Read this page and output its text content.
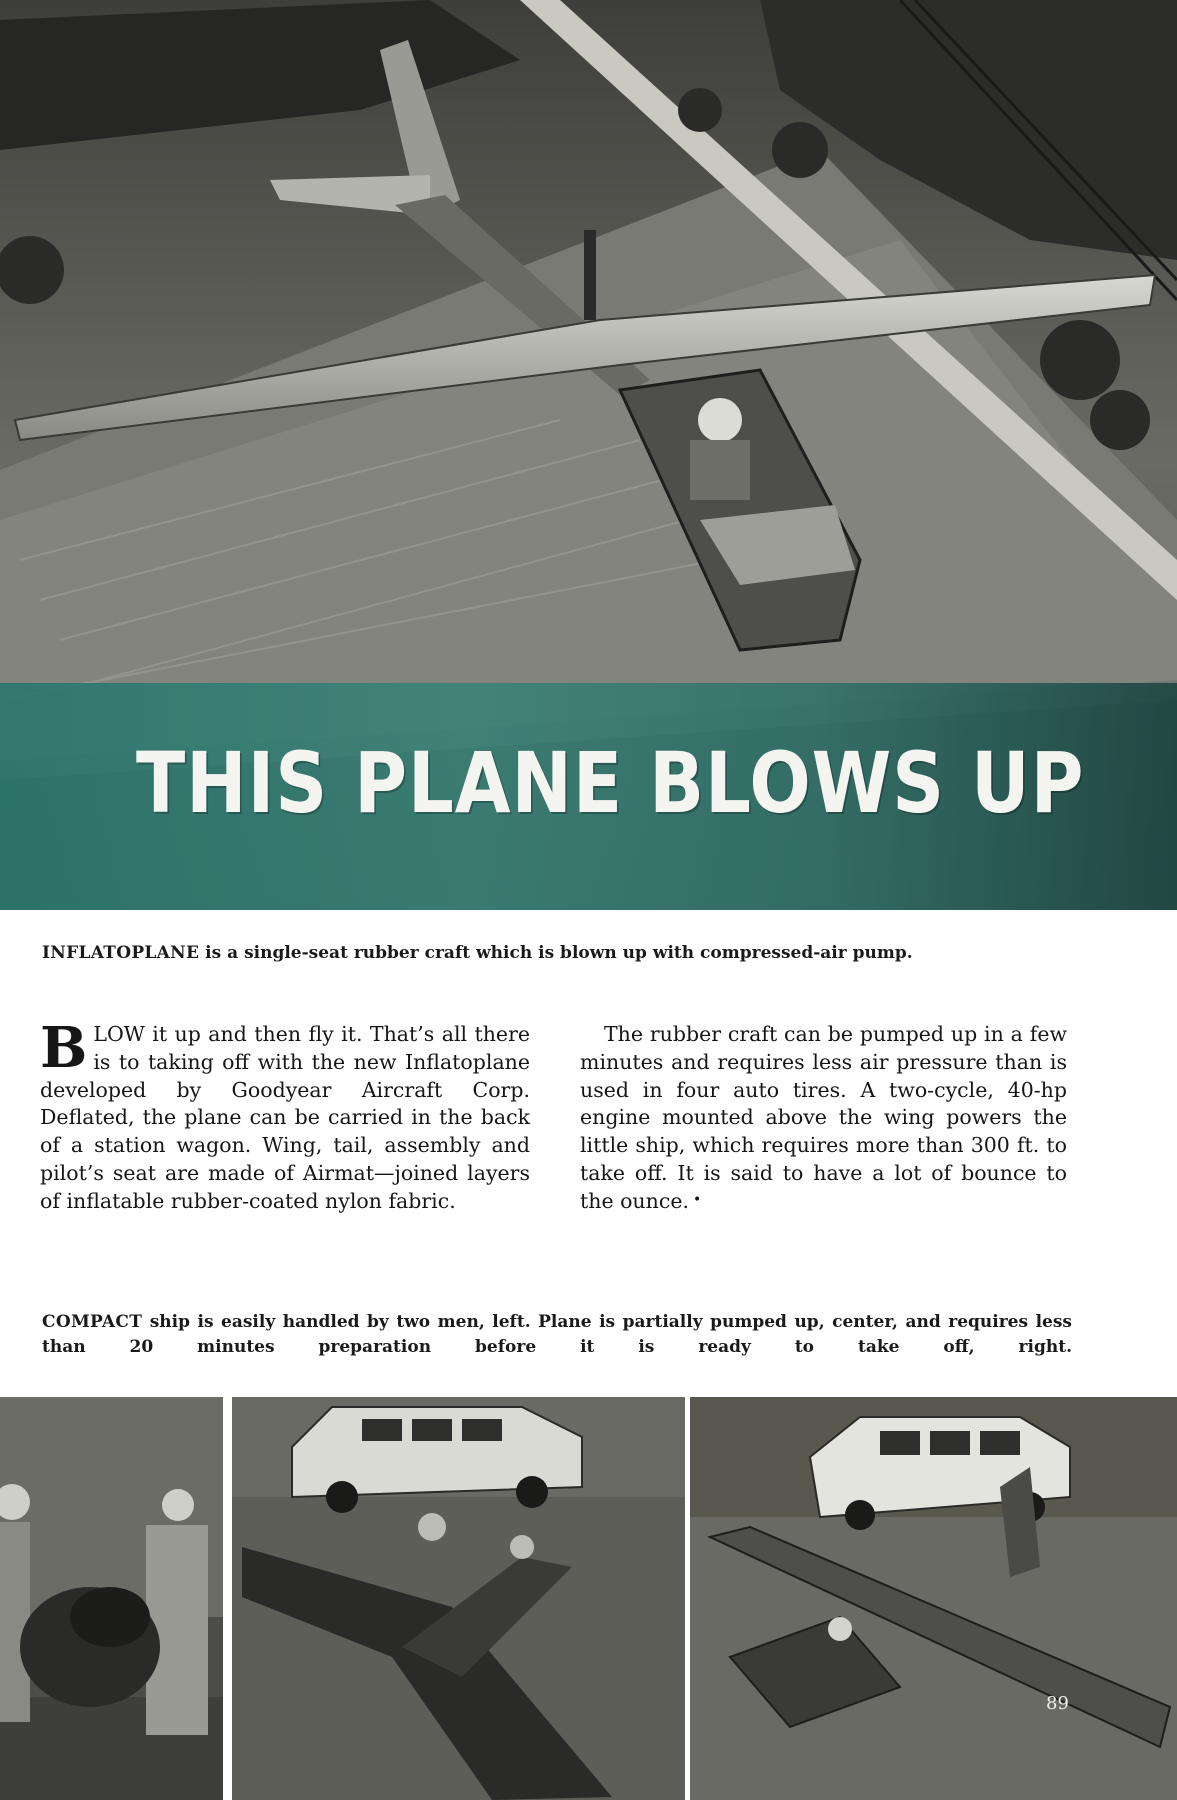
THIS PLANE BLOWS UP
INFLATOPLANE is a single-seat rubber craft which is blown up with compressed-air pump.
BLOW it up and then fly it. That’s all there is to taking off with the new Inflatoplane developed by Goodyear Aircraft Corp. Deflated, the plane can be carried in the back of a station wagon. Wing, tail, assembly and pilot’s seat are made of Airmat—joined layers of inflatable rubber-coated nylon fabric.
The rubber craft can be pumped up in a few minutes and requires less air pressure than is used in four auto tires. A two-cycle, 40-hp engine mounted above the wing powers the little ship, which requires more than 300 ft. to take off. It is said to have a lot of bounce to the ounce. •
COMPACT ship is easily handled by two men, left. Plane is partially pumped up, center, and requires less than 20 minutes preparation before it is ready to take off, right.
89
